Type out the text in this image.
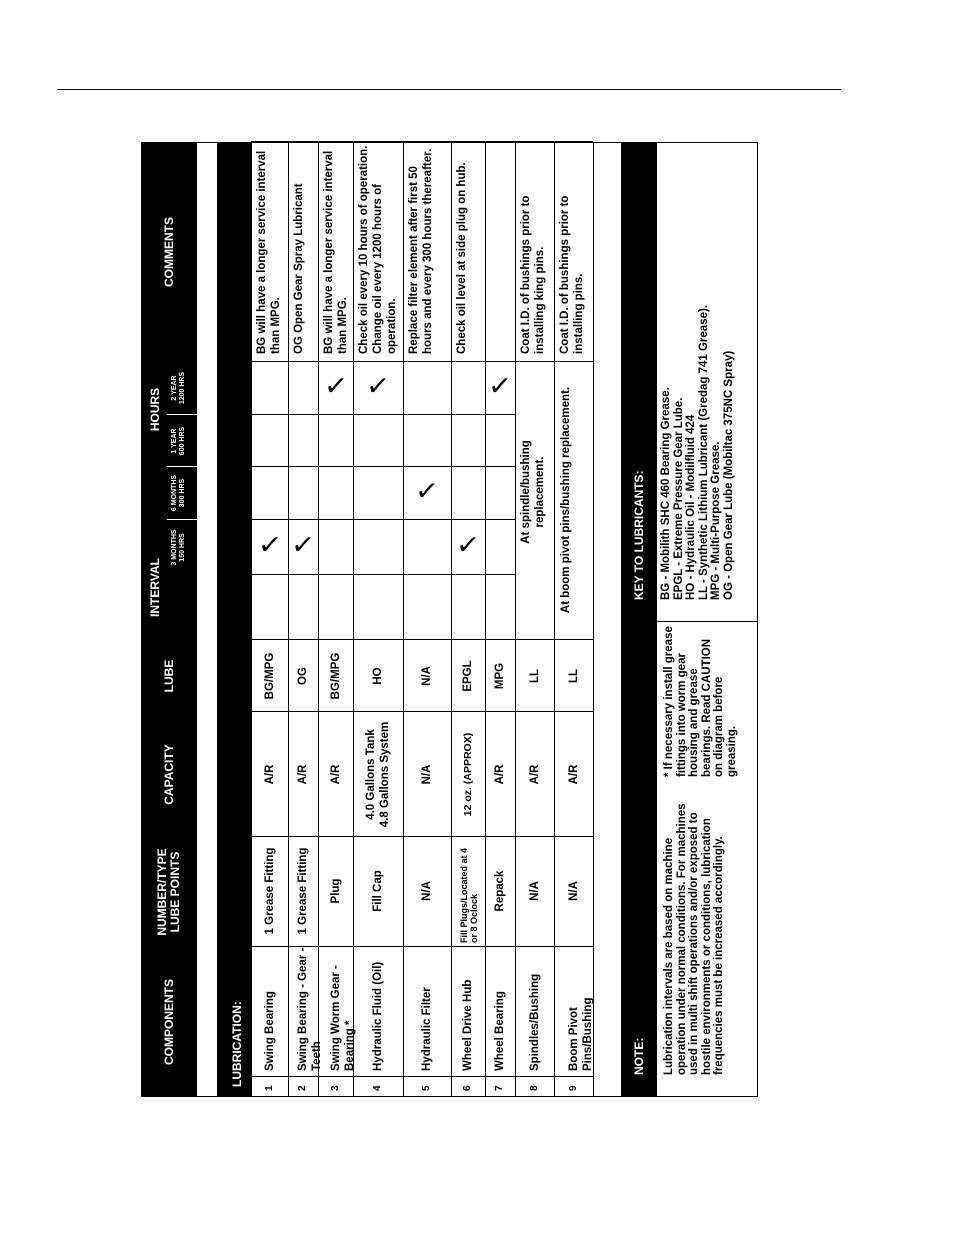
COMPONENTS
NUMBER/TYPE
LUBE POINTS
CAPACITY
LUBE
INTERVAL
HOURS
3 MONTHS
150 HRS
6 MONTHS
300 HRS
1 YEAR
600 HRS
2 YEAR
1200 HRS
COMMENTS
LUBRICATION:
At spindle/bushing replacement. At boom pivot pins/bushing replacement.
NOTE:
KEY TO LUBRICANTS:
Lubrication intervals are based on machine operation under normal conditions. For machines used in multi shift operations and/or exposed to hostile environments or conditions, lubrication frequencies must be increased accordingly.
* If necessary install grease fittings into worm gear housing and grease bearings. Read CAUTION on diagram before greasing.
BG - Mobilith SHC 460 Bearing Grease. EPGL - Extreme Pressure Gear Lube. HO - Hydraulic Oil - Modilfluid 424 LL - Synthetic Lithium Lubricant (Gredag 741 Grease). MPG - Multi-Purpose Grease. OG - Open Gear Lube (Mobiltac 375NC Spray)
1
Swing Bearing
1 Grease Fitting
A/R
BG/MPG
BG will have a longer service interval than MPG.
2
Swing Bearing - Gear - Teeth
1 Grease Fitting
A/R
OG
OG Open Gear Spray Lubricant
3
Swing Worm Gear - Bearing *
Plug
A/R
BG/MPG
BG will have a longer service interval than MPG.
4
Hydraulic Fluid (Oil)
Fill Cap
4.0 Gallons Tank
4.8 Gallons System
HO
Check oil every 10 hours of operation. Change oil every 1200 hours of operation.
5
Hydraulic Filter
N/A
N/A
N/A
Replace filter element after first 50 hours and every 300 hours thereafter.
6
Wheel Drive Hub
Fill Plugs/Located at 4 or 8 Oclock
12 oz. (APPROX)
EPGL
Check oil level at side plug on hub.
7
Wheel Bearing
Repack
A/R
MPG
8
Spindles/Bushing
N/A
A/R
LL
Coat I.D. of bushings prior to installing king pins.
9
Boom Pivot Pins/Bushing
N/A
A/R
LL
Coat I.D. of bushings prior to installing pins.
✓ ✓
✓ ✓
✓
✓
✓
